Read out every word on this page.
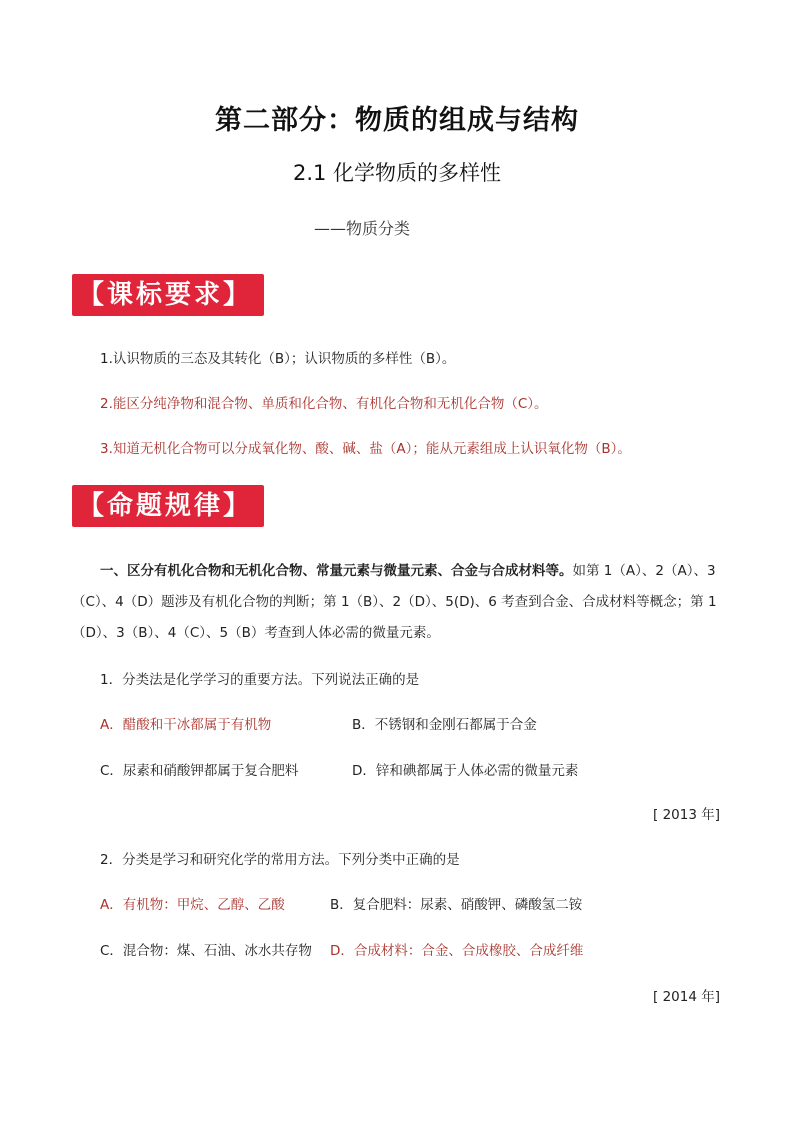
第二部分：物质的组成与结构
2.1 化学物质的多样性
——物质分类
【课标要求】
1.认识物质的三态及其转化（B）；认识物质的多样性（B）。
2.能区分纯净物和混合物、单质和化合物、有机化合物和无机化合物（C）。
3.知道无机化合物可以分成氧化物、酸、碱、盐（A）；能从元素组成上认识氧化物（B）。
【命题规律】
一、区分有机化合物和无机化合物、常量元素与微量元素、合金与合成材料等。如第 1（A）、2（A）、3（C）、4（D）题涉及有机化合物的判断；第 1（B）、2（D）、5(D)、6 考查到合金、合成材料等概念；第 1（D）、3（B）、4（C）、5（B）考查到人体必需的微量元素。
1．分类法是化学学习的重要方法。下列说法正确的是
A．醋酸和干冰都属于有机物	B．不锈钢和金刚石都属于合金
C．尿素和硝酸钾都属于复合肥料	D．锌和碘都属于人体必需的微量元素
[ 2013 年]
2．分类是学习和研究化学的常用方法。下列分类中正确的是
A．有机物：甲烷、乙醇、乙酸	B．复合肥料：尿素、硝酸钾、磷酸氢二铵
C．混合物：煤、石油、冰水共存物 D．合成材料：合金、合成橡胶、合成纤维
[ 2014 年]
